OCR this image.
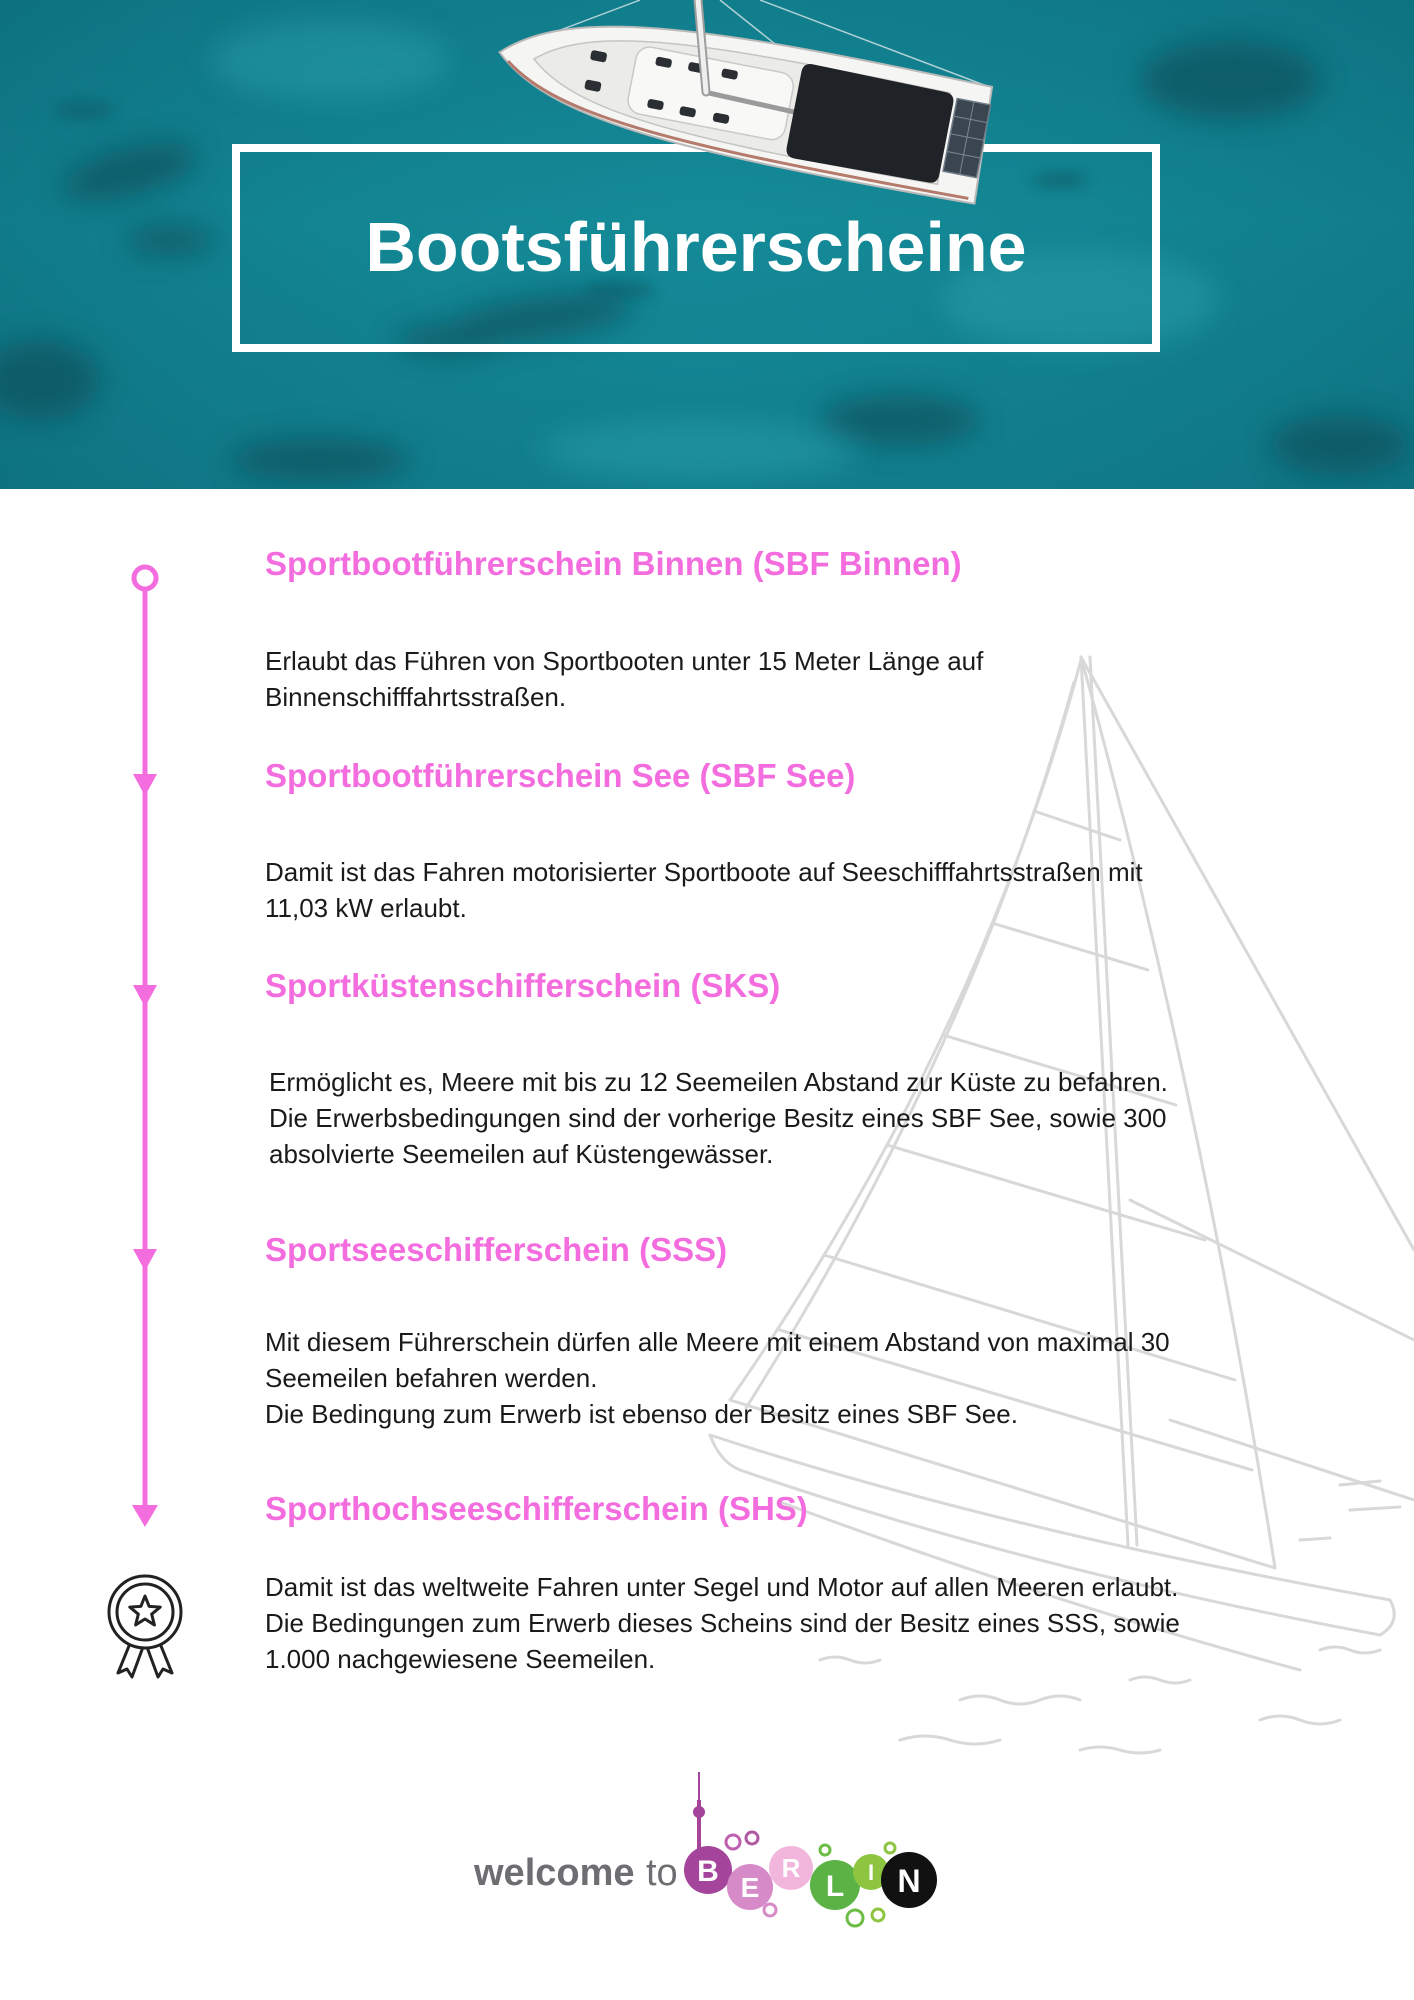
Bootsführerscheine
Sportbootführerschein Binnen (SBF Binnen)
Erlaubt das Führen von Sportbooten unter 15 Meter Länge auf
Binnenschifffahrtsstraßen.
Sportbootführerschein See (SBF See)
Damit ist das Fahren motorisierter Sportboote auf Seeschifffahrtsstraßen mit
11,03 kW erlaubt.
Sportküstenschifferschein (SKS)
Ermöglicht es, Meere mit bis zu 12 Seemeilen Abstand zur Küste zu befahren.
Die Erwerbsbedingungen sind der vorherige Besitz eines SBF See, sowie 300
absolvierte Seemeilen auf Küstengewässer.
Sportseeschifferschein (SSS)
Mit diesem Führerschein dürfen alle Meere mit einem Abstand von maximal 30
Seemeilen befahren werden.
Die Bedingung zum Erwerb ist ebenso der Besitz eines SBF See.
Sporthochseeschifferschein (SHS)
Damit ist das weltweite Fahren unter Segel und Motor auf allen Meeren erlaubt.
Die Bedingungen zum Erwerb dieses Scheins sind der Besitz eines SSS, sowie
1.000 nachgewiesene Seemeilen.
welcome to B E
R
L I N
